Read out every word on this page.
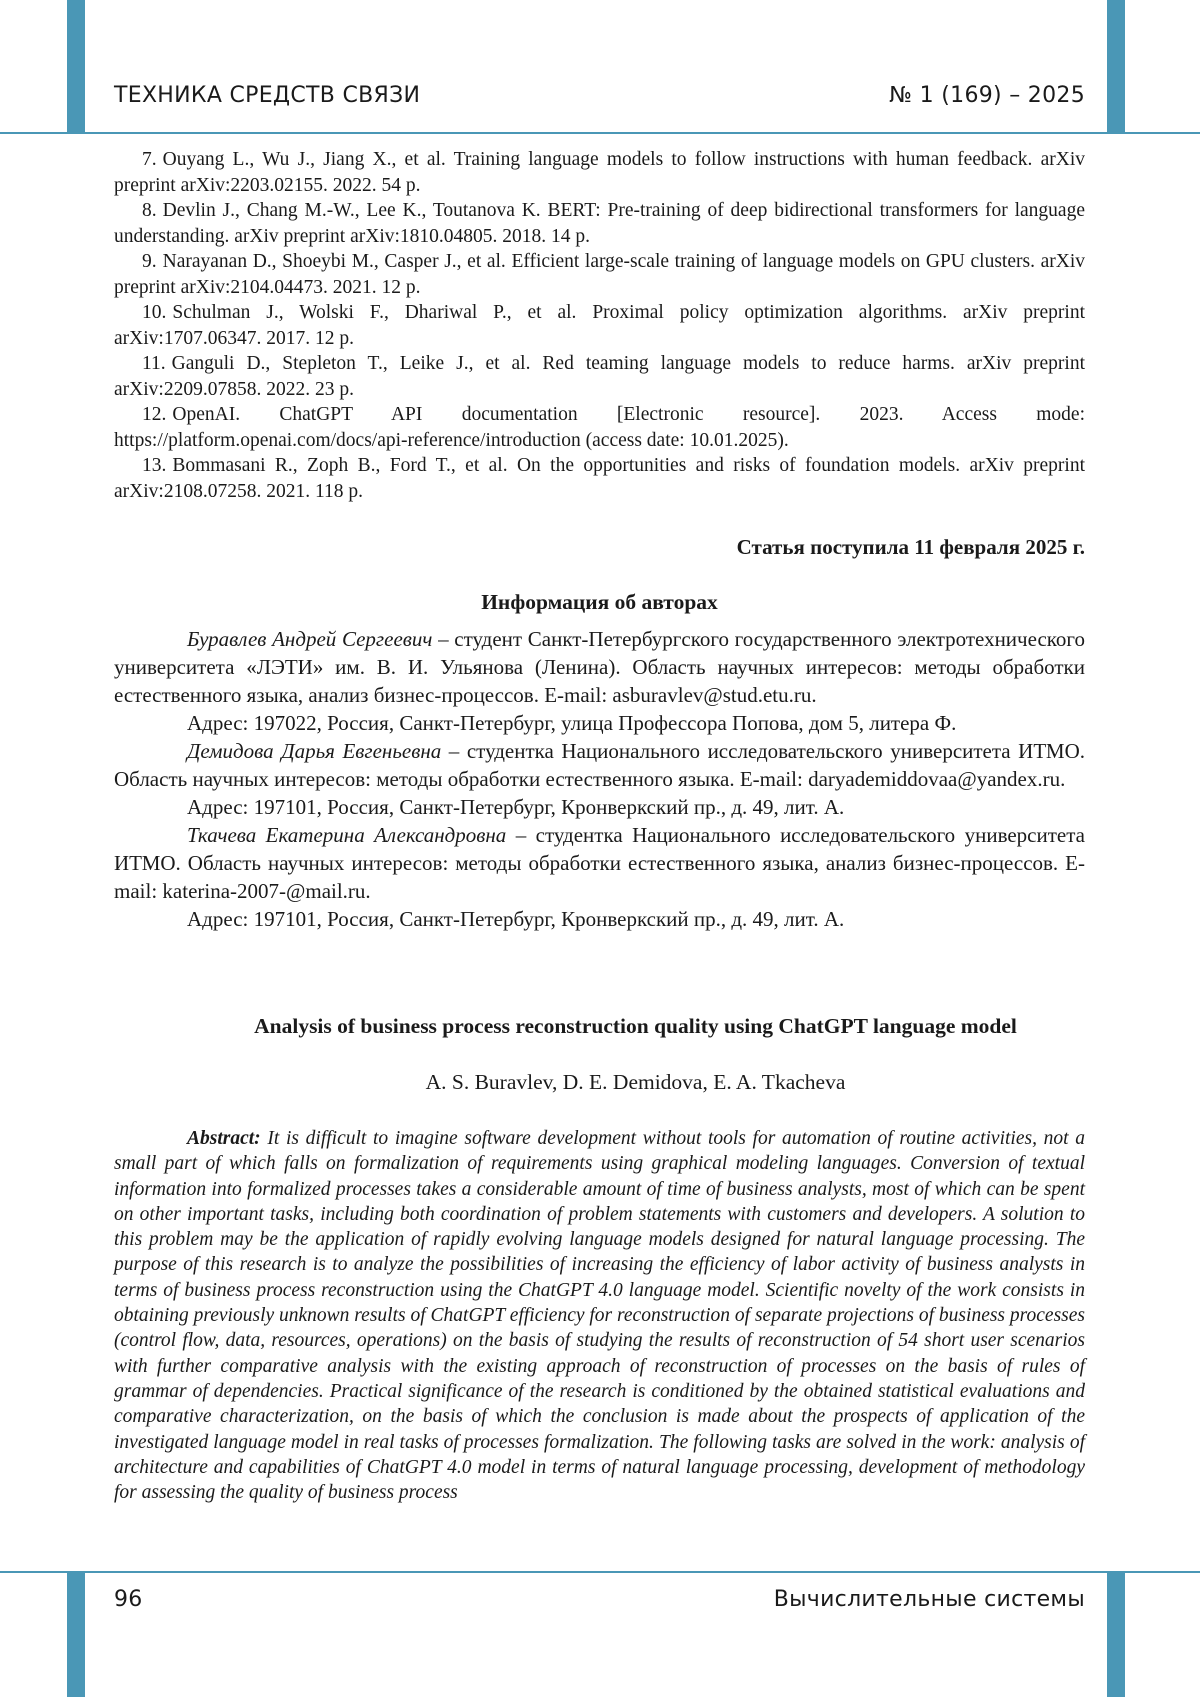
ТЕХНИКА СРЕДСТВ СВЯЗИ	№ 1 (169) – 2025
7. Ouyang L., Wu J., Jiang X., et al. Training language models to follow instructions with human feedback. arXiv preprint arXiv:2203.02155. 2022. 54 p.
8. Devlin J., Chang M.-W., Lee K., Toutanova K. BERT: Pre-training of deep bidirectional transformers for language understanding. arXiv preprint arXiv:1810.04805. 2018. 14 p.
9. Narayanan D., Shoeybi M., Casper J., et al. Efficient large-scale training of language models on GPU clusters. arXiv preprint arXiv:2104.04473. 2021. 12 p.
10. Schulman J., Wolski F., Dhariwal P., et al. Proximal policy optimization algorithms. arXiv preprint arXiv:1707.06347. 2017. 12 p.
11. Ganguli D., Stepleton T., Leike J., et al. Red teaming language models to reduce harms. arXiv preprint arXiv:2209.07858. 2022. 23 p.
12. OpenAI. ChatGPT API documentation [Electronic resource]. 2023. Access mode: https://platform.openai.com/docs/api-reference/introduction (access date: 10.01.2025).
13. Bommasani R., Zoph B., Ford T., et al. On the opportunities and risks of foundation models. arXiv preprint arXiv:2108.07258. 2021. 118 p.
Статья поступила 11 февраля 2025 г.
Информация об авторах
Буравлев Андрей Сергеевич – студент Санкт-Петербургского государственного электротехнического университета «ЛЭТИ» им. В. И. Ульянова (Ленина). Область научных интересов: методы обработки естественного языка, анализ бизнес-процессов. E-mail: asburavlev@stud.etu.ru.
Адрес: 197022, Россия, Санкт-Петербург, улица Профессора Попова, дом 5, литера Ф.
Демидова Дарья Евгеньевна – студентка Национального исследовательского университета ИТМО. Область научных интересов: методы обработки естественного языка. E-mail: daryademiddovaa@yandex.ru.
Адрес: 197101, Россия, Санкт-Петербург, Кронверкский пр., д. 49, лит. А.
Ткачева Екатерина Александровна – студентка Национального исследовательского университета ИТМО. Область научных интересов: методы обработки естественного языка, анализ бизнес-процессов. E-mail: katerina-2007-@mail.ru.
Адрес: 197101, Россия, Санкт-Петербург, Кронверкский пр., д. 49, лит. А.
Analysis of business process reconstruction quality using ChatGPT language model
A. S. Buravlev, D. E. Demidova, E. A. Tkacheva
Abstract: It is difficult to imagine software development without tools for automation of routine activities, not a small part of which falls on formalization of requirements using graphical modeling languages. Conversion of textual information into formalized processes takes a considerable amount of time of business analysts, most of which can be spent on other important tasks, including both coordination of problem statements with customers and developers. A solution to this problem may be the application of rapidly evolving language models designed for natural language processing. The purpose of this research is to analyze the possibilities of increasing the efficiency of labor activity of business analysts in terms of business process reconstruction using the ChatGPT 4.0 language model. Scientific novelty of the work consists in obtaining previously unknown results of ChatGPT efficiency for reconstruction of separate projections of business processes (control flow, data, resources, operations) on the basis of studying the results of reconstruction of 54 short user scenarios with further comparative analysis with the existing approach of reconstruction of processes on the basis of rules of grammar of dependencies. Practical significance of the research is conditioned by the obtained statistical evaluations and comparative characterization, on the basis of which the conclusion is made about the prospects of application of the investigated language model in real tasks of processes formalization. The following tasks are solved in the work: analysis of architecture and capabilities of ChatGPT 4.0 model in terms of natural language processing, development of methodology for assessing the quality of business process
96	Вычислительные системы
